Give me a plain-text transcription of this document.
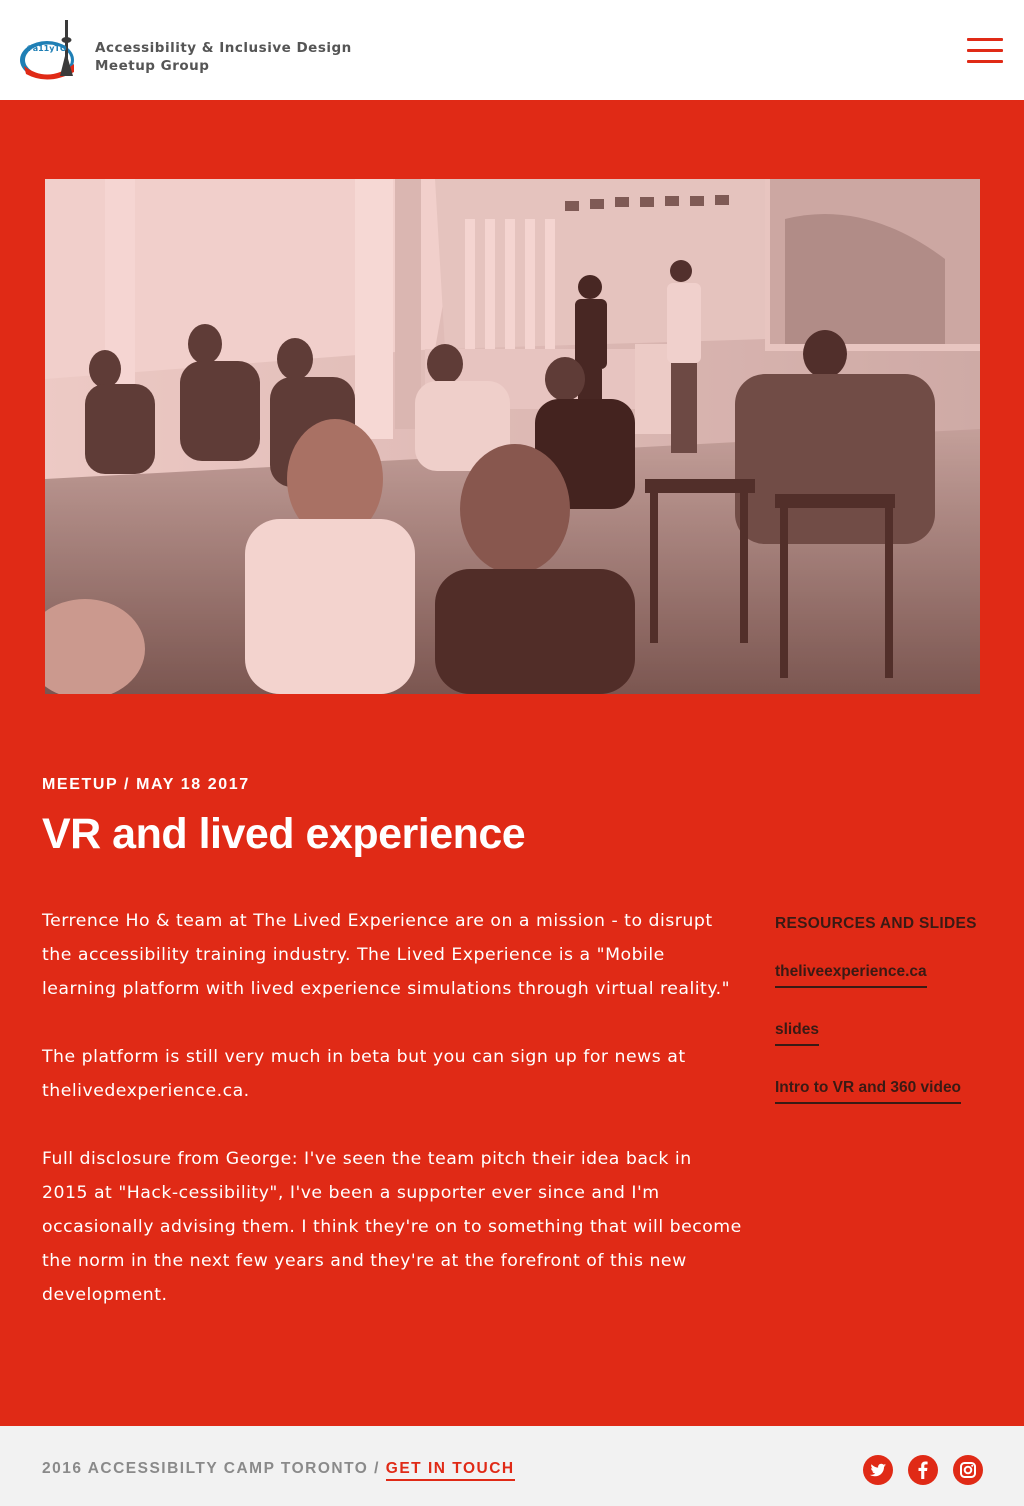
#a11yTO Accessibility & Inclusive Design
Meetup Group
MEETUP / MAY 18 2017
VR and lived experience

Terrence Ho & team at The Lived Experience are on a mission - to disrupt the accessibility training industry. The Lived Experience is a "Mobile learning platform with lived experience simulations through virtual reality."

The platform is still very much in beta but you can sign up for news at thelivedexperience.ca.

Full disclosure from George: I've seen the team pitch their idea back in 2015 at "Hack-cessibility", I've been a supporter ever since and I'm occasionally advising them. I think they're on to something that will become the norm in the next few years and they're at the forefront of this new development.

RESOURCES AND SLIDES
theliveexperience.ca
slides
Intro to VR and 360 video
2016 ACCESSIBILTY CAMP TORONTO / GET IN TOUCH
